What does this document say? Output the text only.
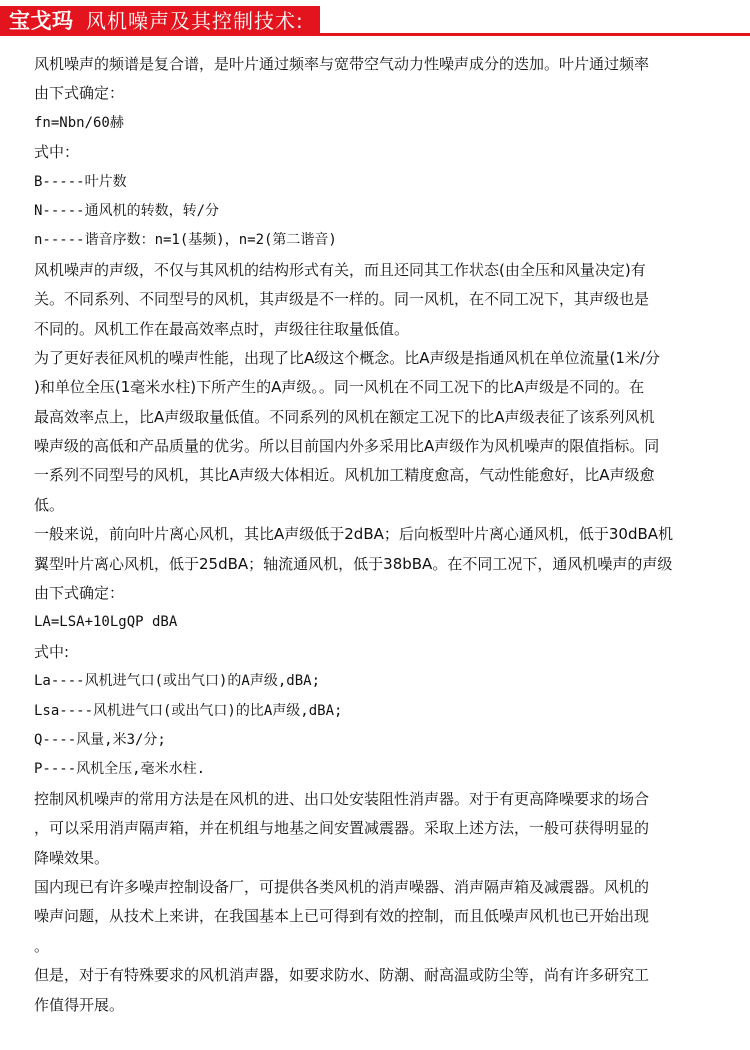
宝戈玛 风机噪声及其控制技术:
风机噪声的频谱是复合谱，是叶片通过频率与宽带空气动力性噪声成分的迭加。叶片通过频率
由下式确定：
fn=Nbn/60赫
式中：
B-----叶片数
N-----通风机的转数，转/分
n-----谐音序数：n=1(基频)，n=2(第二谐音)
风机噪声的声级，不仅与其风机的结构形式有关，而且还同其工作状态(由全压和风量决定)有
关。不同系列、不同型号的风机，其声级是不一样的。同一风机，在不同工况下，其声级也是
不同的。风机工作在最高效率点时，声级往往取量低值。
为了更好表征风机的噪声性能，出现了比A级这个概念。比A声级是指通风机在单位流量(1米/分
)和单位全压(1毫米水柱)下所产生的A声级。。同一风机在不同工况下的比A声级是不同的。在
最高效率点上，比A声级取量低值。不同系列的风机在额定工况下的比A声级表征了该系列风机
噪声级的高低和产品质量的优劣。所以目前国内外多采用比A声级作为风机噪声的限值指标。同
一系列不同型号的风机，其比A声级大体相近。风机加工精度愈高，气动性能愈好，比A声级愈
低。
一般来说，前向叶片离心风机，其比A声级低于2dBA；后向板型叶片离心通风机，低于30dBA机
翼型叶片离心风机，低于25dBA；轴流通风机，低于38bBA。在不同工况下，通风机噪声的声级
由下式确定：
LA=LSA+10LgQP dBA
式中:
La----风机进气口(或出气口)的A声级,dBA;
Lsa----风机进气口(或出气口)的比A声级,dBA;
Q----风量,米3/分;
P----风机全压,毫米水柱.
控制风机噪声的常用方法是在风机的进、出口处安装阻性消声器。对于有更高降噪要求的场合
，可以采用消声隔声箱，并在机组与地基之间安置减震器。采取上述方法，一般可获得明显的
降噪效果。
国内现已有许多噪声控制设备厂，可提供各类风机的消声噪器、消声隔声箱及减震器。风机的
噪声问题，从技术上来讲，在我国基本上已可得到有效的控制，而且低噪声风机也已开始出现
。
但是，对于有特殊要求的风机消声器，如要求防水、防潮、耐高温或防尘等，尚有许多研究工
作值得开展。
